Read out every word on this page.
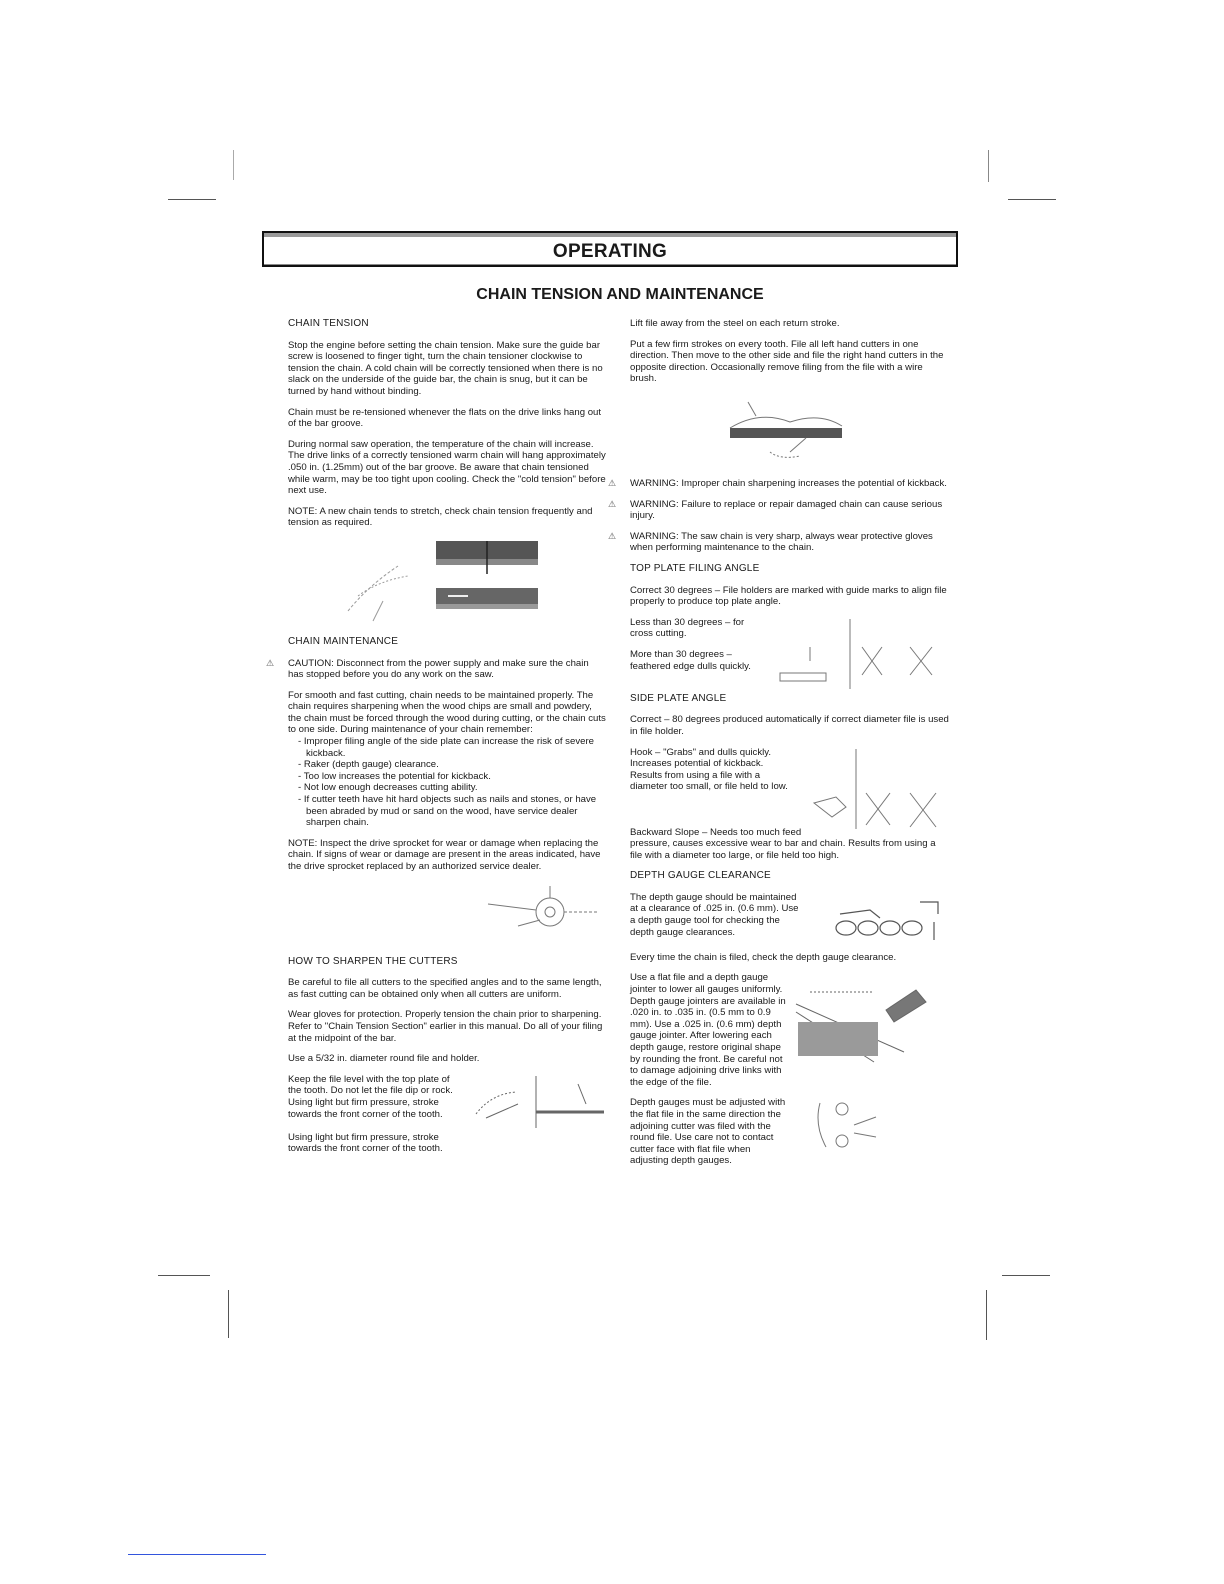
OPERATING
CHAIN TENSION AND MAINTENANCE
CHAIN TENSION

Stop the engine before setting the chain tension. Make sure the guide bar screw is loosened to finger tight, turn the chain tensioner clockwise to tension the chain. A cold chain will be correctly tensioned when there is no slack on the underside of the guide bar, the chain is snug, but it can be turned by hand without binding.

Chain must be re-tensioned whenever the flats on the drive links hang out of the bar groove.

During normal saw operation, the temperature of the chain will increase. The drive links of a correctly tensioned warm chain will hang approximately .050 in. (1.25mm) out of the bar groove. Be aware that chain tensioned while warm, may be too tight upon cooling. Check the "cold tension" before next use.

NOTE: A new chain tends to stretch, check chain tension frequently and tension as required.

CHAIN MAINTENANCE

⚠ CAUTION: Disconnect from the power supply and make sure the chain has stopped before you do any work on the saw.

For smooth and fast cutting, chain needs to be maintained properly. The chain requires sharpening when the wood chips are small and powdery, the chain must be forced through the wood during cutting, or the chain cuts to one side. During maintenance of your chain remember:

- Improper filing angle of the side plate can increase the risk of severe kickback.
- Raker (depth gauge) clearance.
- Too low increases the potential for kickback.
- Not low enough decreases cutting ability.
- If cutter teeth have hit hard objects such as nails and stones, or have been abraded by mud or sand on the wood, have service dealer sharpen chain.

NOTE: Inspect the drive sprocket for wear or damage when replacing the chain. If signs of wear or damage are present in the areas indicated, have the drive sprocket replaced by an authorized service dealer.

HOW TO SHARPEN THE CUTTERS

Be careful to file all cutters to the specified angles and to the same length, as fast cutting can be obtained only when all cutters are uniform.

Wear gloves for protection. Properly tension the chain prior to sharpening. Refer to "Chain Tension Section" earlier in this manual. Do all of your filing at the midpoint of the bar.

Use a 5/32 in. diameter round file and holder.

Keep the file level with the top plate of the tooth. Do not let the file dip or rock. Using light but firm pressure, stroke towards the front corner of the tooth.

Using light but firm pressure, stroke towards the front corner of the tooth.

Lift file away from the steel on each return stroke.

Put a few firm strokes on every tooth. File all left hand cutters in one direction. Then move to the other side and file the right hand cutters in the opposite direction. Occasionally remove filing from the file with a wire brush.

⚠ WARNING: Improper chain sharpening increases the potential of kickback.

⚠ WARNING: Failure to replace or repair damaged chain can cause serious injury.

⚠ WARNING: The saw chain is very sharp, always wear protective gloves when performing maintenance to the chain.

TOP PLATE FILING ANGLE

Correct 30 degrees – File holders are marked with guide marks to align file properly to produce top plate angle.

Less than 30 degrees – for cross cutting.

More than 30 degrees – feathered edge dulls quickly.

SIDE PLATE ANGLE

Correct – 80 degrees produced automatically if correct diameter file is used in file holder.

Hook – "Grabs" and dulls quickly. Increases potential of kickback. Results from using a file with a diameter too small, or file held to low.

Backward Slope – Needs too much feed pressure, causes excessive wear to bar and chain. Results from using a file with a diameter too large, or file held too high.

DEPTH GAUGE CLEARANCE

The depth gauge should be maintained at a clearance of .025 in. (0.6 mm). Use a depth gauge tool for checking the depth gauge clearances.

Every time the chain is filed, check the depth gauge clearance.

Use a flat file and a depth gauge jointer to lower all gauges uniformly. Depth gauge jointers are available in .020 in. to .035 in. (0.5 mm to 0.9 mm). Use a .025 in. (0.6 mm) depth gauge jointer. After lowering each depth gauge, restore original shape by rounding the front. Be careful not to damage adjoining drive links with the edge of the file.

Depth gauges must be adjusted with the flat file in the same direction the adjoining cutter was filed with the round file. Use care not to contact cutter face with flat file when adjusting depth gauges.
